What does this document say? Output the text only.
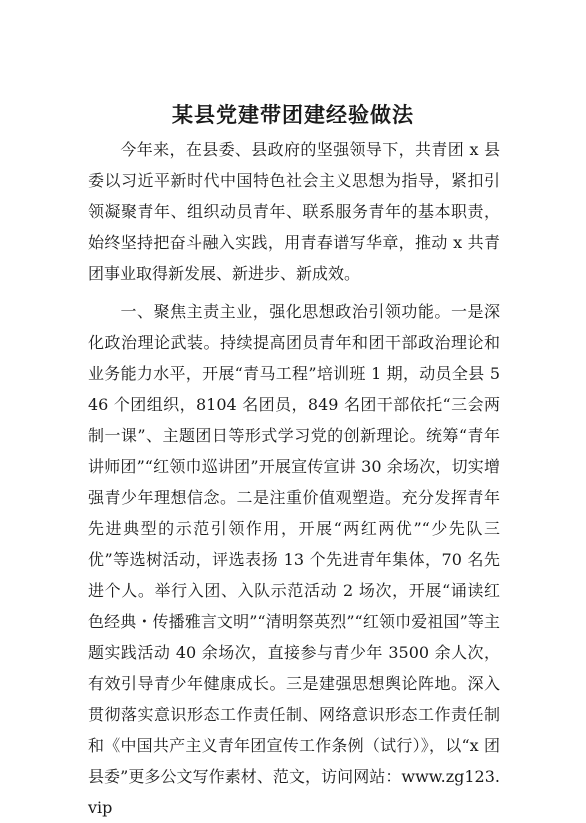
某县党建带团建经验做法

今年来，在县委、县政府的坚强领导下，共青团 x 县委以习近平新时代中国特色社会主义思想为指导，紧扣引领凝聚青年、组织动员青年、联系服务青年的基本职责，始终坚持把奋斗融入实践，用青春谱写华章，推动 x 共青团事业取得新发展、新进步、新成效。

一、聚焦主责主业，强化思想政治引领功能。一是深化政治理论武装。持续提高团员青年和团干部政治理论和业务能力水平，开展“青马工程”培训班 1 期，动员全县 546 个团组织，8104 名团员，849 名团干部依托“三会两制一课”、主题团日等形式学习党的创新理论。统筹“青年讲师团”“红领巾巡讲团”开展宣传宣讲 30 余场次，切实增强青少年理想信念。二是注重价值观塑造。充分发挥青年先进典型的示范引领作用，开展“两红两优”“少先队三优”等选树活动，评选表扬 13 个先进青年集体，70 名先进个人。举行入团、入队示范活动 2 场次，开展“诵读红色经典・传播雅言文明”“清明祭英烈”“红领巾爱祖国”等主题实践活动 40 余场次，直接参与青少年 3500 余人次，有效引导青少年健康成长。三是建强思想舆论阵地。深入贯彻落实意识形态工作责任制、网络意识形态工作责任制和《中国共产主义青年团宣传工作条例（试行）》，以“x 团县委”更多公文写作素材、范文，访问网站：www.zg123.vip
